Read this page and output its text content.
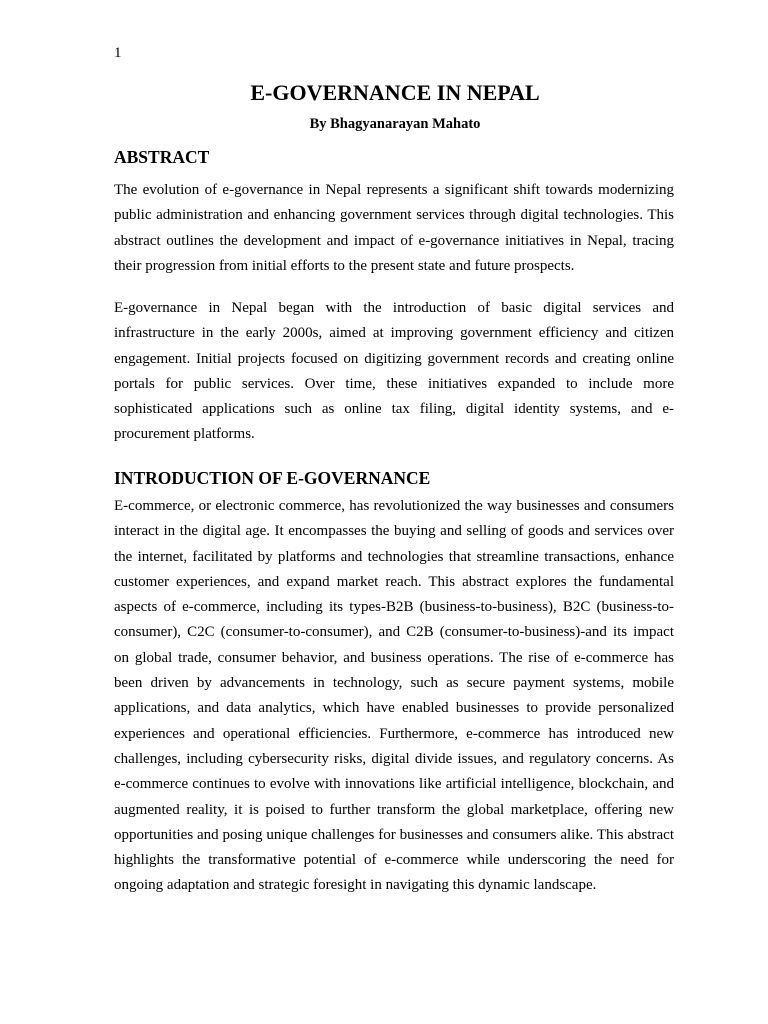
1
E-GOVERNANCE IN NEPAL
By Bhagyanarayan Mahato
ABSTRACT

The evolution of e-governance in Nepal represents a significant shift towards modernizing public administration and enhancing government services through digital technologies. This abstract outlines the development and impact of e-governance initiatives in Nepal, tracing their progression from initial efforts to the present state and future prospects.

E-governance in Nepal began with the introduction of basic digital services and infrastructure in the early 2000s, aimed at improving government efficiency and citizen engagement. Initial projects focused on digitizing government records and creating online portals for public services. Over time, these initiatives expanded to include more sophisticated applications such as online tax filing, digital identity systems, and e-procurement platforms.

INTRODUCTION OF E-GOVERNANCE

E-commerce, or electronic commerce, has revolutionized the way businesses and consumers interact in the digital age. It encompasses the buying and selling of goods and services over the internet, facilitated by platforms and technologies that streamline transactions, enhance customer experiences, and expand market reach. This abstract explores the fundamental aspects of e-commerce, including its types-B2B (business-to-business), B2C (business-to-consumer), C2C (consumer-to-consumer), and C2B (consumer-to-business)-and its impact on global trade, consumer behavior, and business operations. The rise of e-commerce has been driven by advancements in technology, such as secure payment systems, mobile applications, and data analytics, which have enabled businesses to provide personalized experiences and operational efficiencies. Furthermore, e-commerce has introduced new challenges, including cybersecurity risks, digital divide issues, and regulatory concerns. As e-commerce continues to evolve with innovations like artificial intelligence, blockchain, and augmented reality, it is poised to further transform the global marketplace, offering new opportunities and posing unique challenges for businesses and consumers alike. This abstract highlights the transformative potential of e-commerce while underscoring the need for ongoing adaptation and strategic foresight in navigating this dynamic landscape.
